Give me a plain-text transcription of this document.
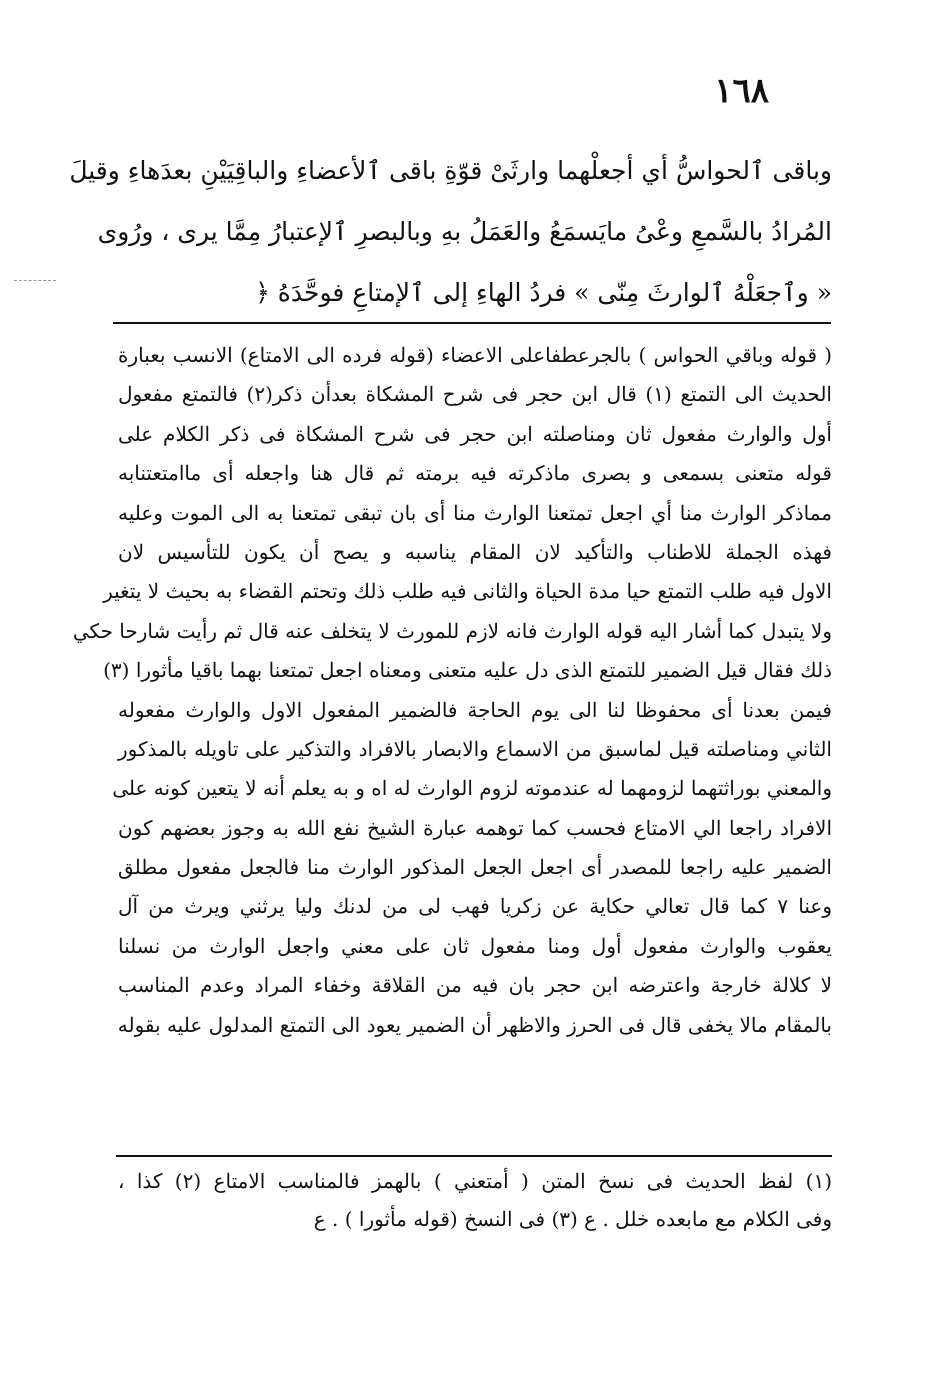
١٦٨
وباقى ٱلحواسُّ أي أجعلْهما وارثَىْ قوّةِ باقى ٱلأعضاءِ والباقِيَيْنِ بعدَهاءِ وقيلَ
المُرادُ بالسَّمعِ وعْىُ مايَسمَعُ والعَمَلُ بهِ وبالبصرِ ٱلإعتبارُ مِمَّا يرى ، ورُوى
« وٱجعَلْهُ ٱلوارثَ مِنّى » فردُ الهاءِ إلى ٱلإمتاعِ فوحَّدَهُ ﴿
( قوله وباقي الحواس ) بالجرعطفاعلى الاعضاء (قوله فرده الى الامتاع) الانسب بعبارة
الحديث الى التمتع (١) قال ابن حجر فى شرح المشكاة بعدأن ذكر(٢) فالتمتع مفعول
أول والوارث مفعول ثان ومناصلته ابن حجر فى شرح المشكاة فى ذكر الكلام على
قوله متعنى بسمعى و بصرى ماذكرته فيه برمته ثم قال هنا واجعله أى ماامتعتنابه
مماذكر الوارث منا أي اجعل تمتعنا الوارث منا أى بان تبقى تمتعنا به الى الموت وعليه
فهذه الجملة للاطناب والتأكيد لان المقام يناسبه و يصح أن يكون للتأسيس لان
الاول فيه طلب التمتع حيا مدة الحياة والثانى فيه طلب ذلك وتحتم القضاء به بحيث لا يتغير
ولا يتبدل كما أشار اليه قوله الوارث فانه لازم للمورث لا يتخلف عنه قال ثم رأيت شارحا حكي
ذلك فقال قيل الضمير للتمتع الذى دل عليه متعنى ومعناه اجعل تمتعنا بهما باقيا مأثورا (٣)
فيمن بعدنا أى محفوظا لنا الى يوم الحاجة فالضمير المفعول الاول والوارث مفعوله
الثاني ومناصلته قيل لماسبق من الاسماع والابصار بالافراد والتذكير على تاويله بالمذكور
والمعني بوراثتهما لزومهما له عندموته لزوم الوارث له اه و به يعلم أنه لا يتعين كونه على
الافراد راجعا الي الامتاع فحسب كما توهمه عبارة الشيخ نفع الله به وجوز بعضهم كون
الضمير عليه راجعا للمصدر أى اجعل الجعل المذكور الوارث منا فالجعل مفعول مطلق
وعنا ٧ كما قال تعالي حكاية عن زكريا فهب لى من لدنك وليا يرثني ويرث من آل
يعقوب والوارث مفعول أول ومنا مفعول ثان على معني واجعل الوارث من نسلنا
لا كلالة خارجة واعترضه ابن حجر بان فيه من القلاقة وخفاء المراد وعدم المناسب
بالمقام مالا يخفى قال فى الحرز والاظهر أن الضمير يعود الى التمتع المدلول عليه بقوله
(١) لفظ الحديث فى نسخ المتن ( أمتعني ) بالهمز فالمناسب الامتاع (٢) كذا ،
وفى الكلام مع مابعده خلل . ع (٣) فى النسخ (قوله مأثورا ) . ع
